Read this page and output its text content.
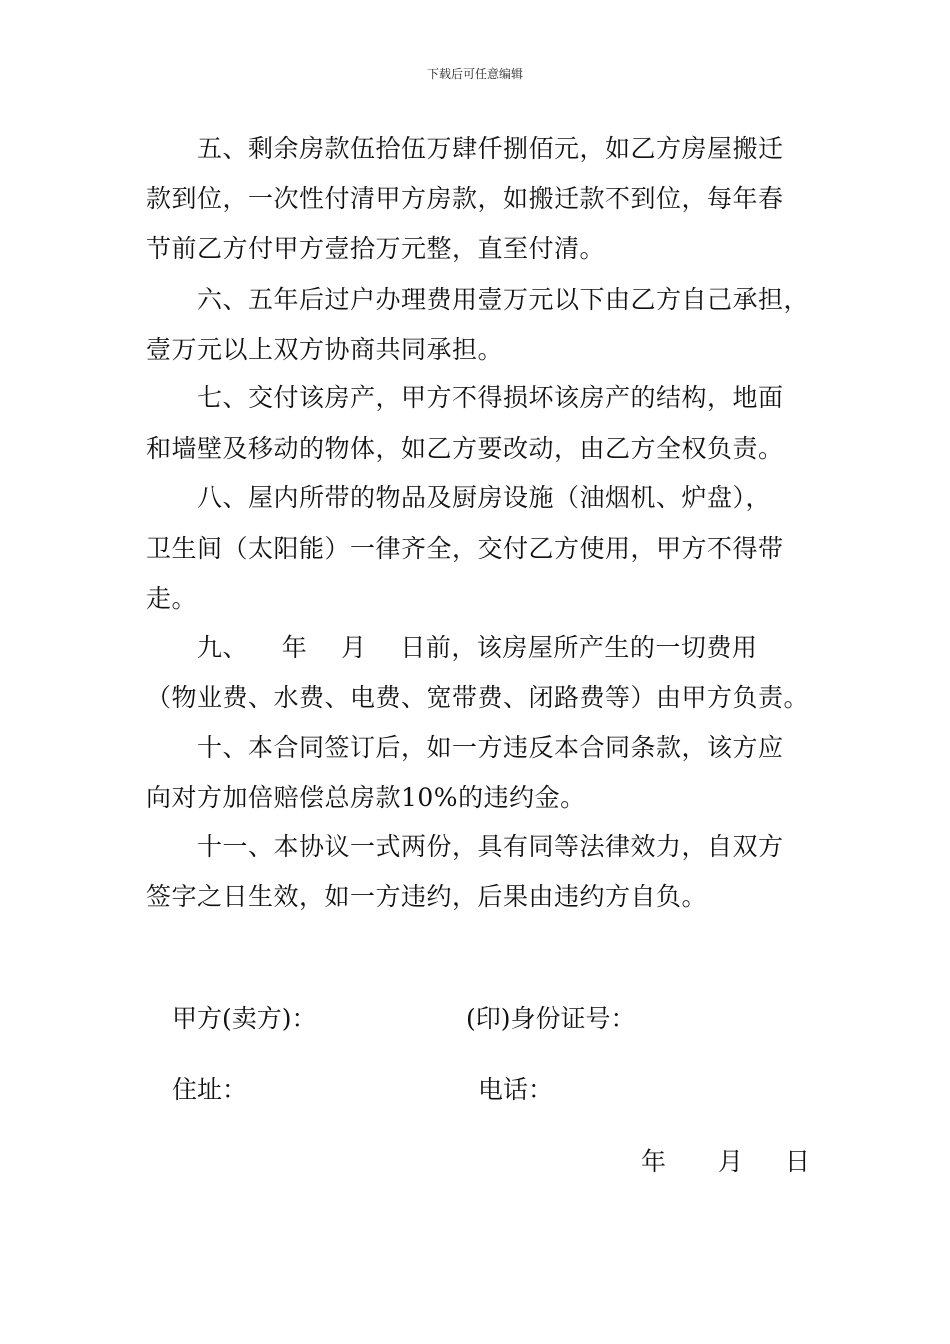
下载后可任意编辑
五、剩余房款伍拾伍万肆仟捌佰元，如乙方房屋搬迁
款到位，一次性付清甲方房款，如搬迁款不到位，每年春
节前乙方付甲方壹拾万元整，直至付清。
六、五年后过户办理费用壹万元以下由乙方自己承担，
壹万元以上双方协商共同承担。
七、交付该房产，甲方不得损坏该房产的结构，地面
和墙壁及移动的物体，如乙方要改动，由乙方全权负责。
八、屋内所带的物品及厨房设施（油烟机、炉盘），
卫生间（太阳能）一律齐全，交付乙方使用，甲方不得带
走。
九、    年    月    日前，该房屋所产生的一切费用
（物业费、水费、电费、宽带费、闭路费等）由甲方负责。
十、本合同签订后，如一方违反本合同条款，该方应
向对方加倍赔偿总房款10%的违约金。
十一、本协议一式两份，具有同等法律效力，自双方
签字之日生效，如一方违约，后果由违约方自负。
甲方(卖方)：	(印)身份证号：
住址：	电话：
年 月 日
